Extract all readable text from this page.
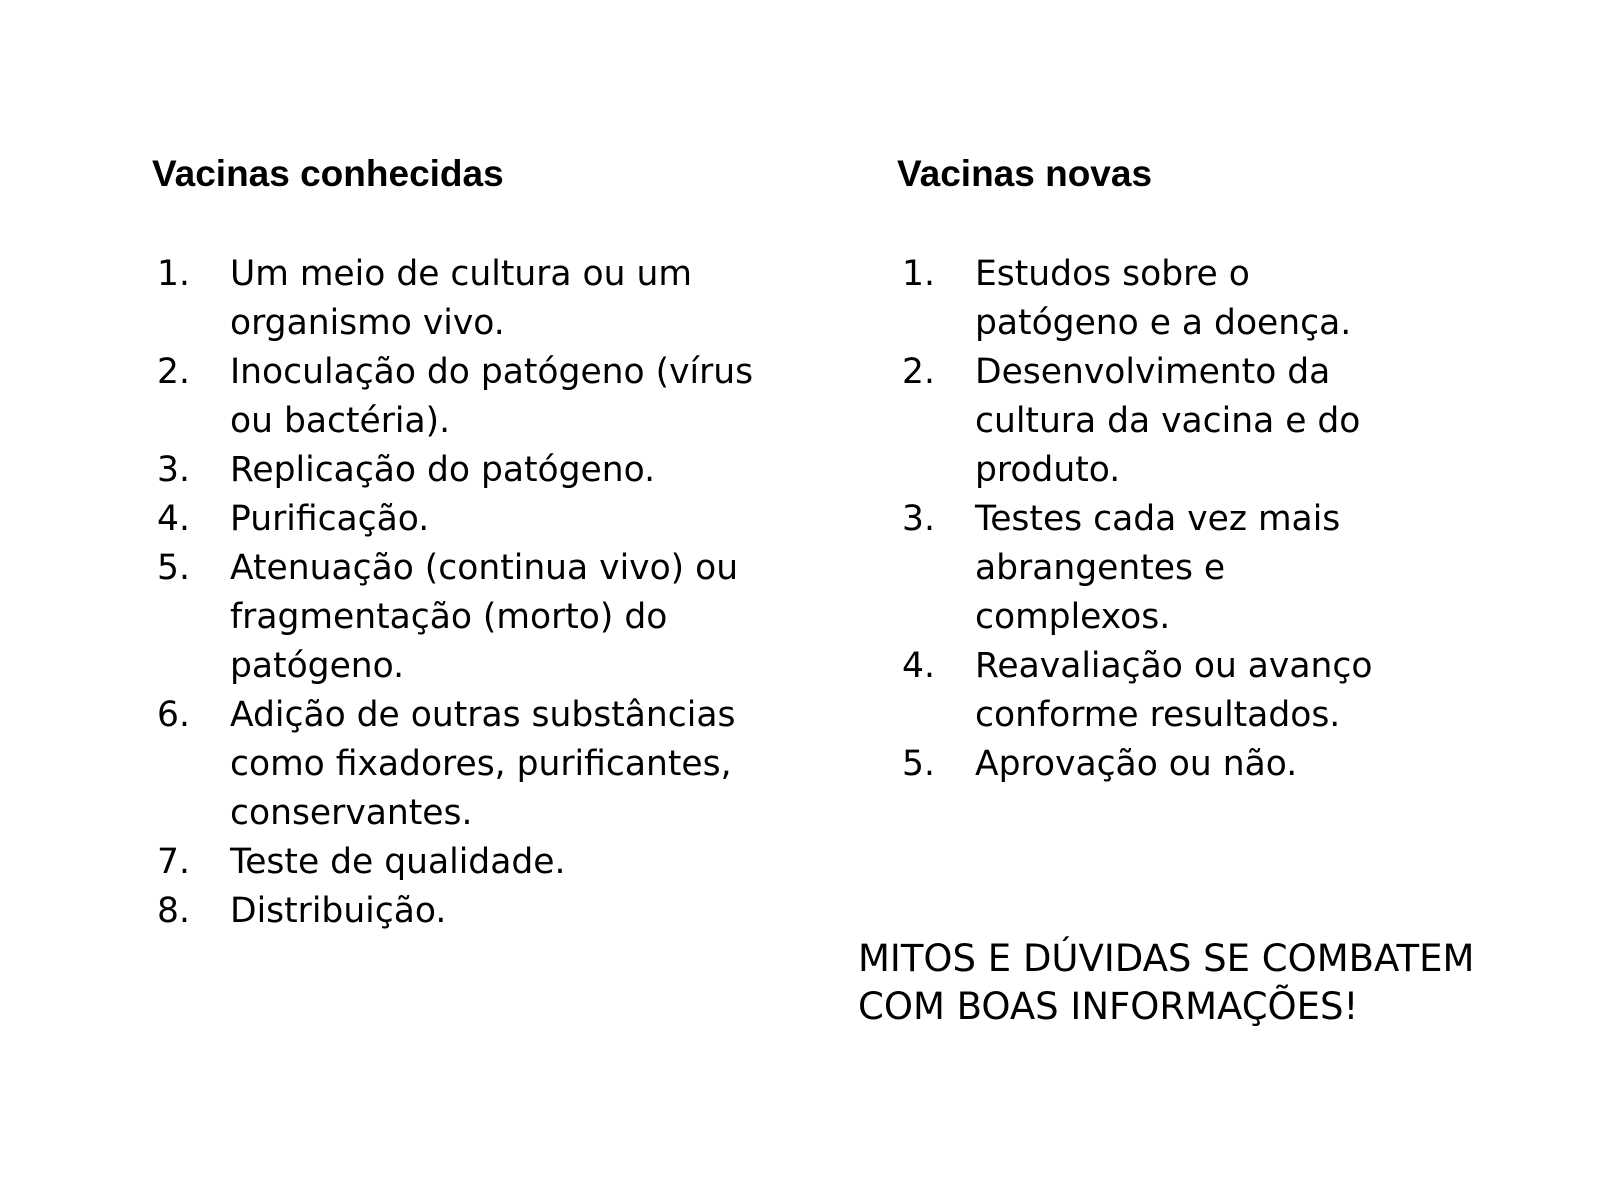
Vacinas conhecidas
1.	Um meio de cultura ou um organismo vivo.
2.	Inoculação do patógeno (vírus ou bactéria).
3.	Replicação do patógeno.
4.	Purificação.
5.	Atenuação (continua vivo) ou fragmentação (morto) do patógeno.
6.	Adição de outras substâncias como fixadores, purificantes, conservantes.
7.	Teste de qualidade.
8.	Distribuição.
Vacinas novas
1.	Estudos sobre o patógeno e a doença.
2.	Desenvolvimento da cultura da vacina e do produto.
3.	Testes cada vez mais abrangentes e complexos.
4.	Reavaliação ou avanço conforme resultados.
5.	Aprovação ou não.

MITOS E DÚVIDAS SE COMBATEM
COM BOAS INFORMAÇÕES!
